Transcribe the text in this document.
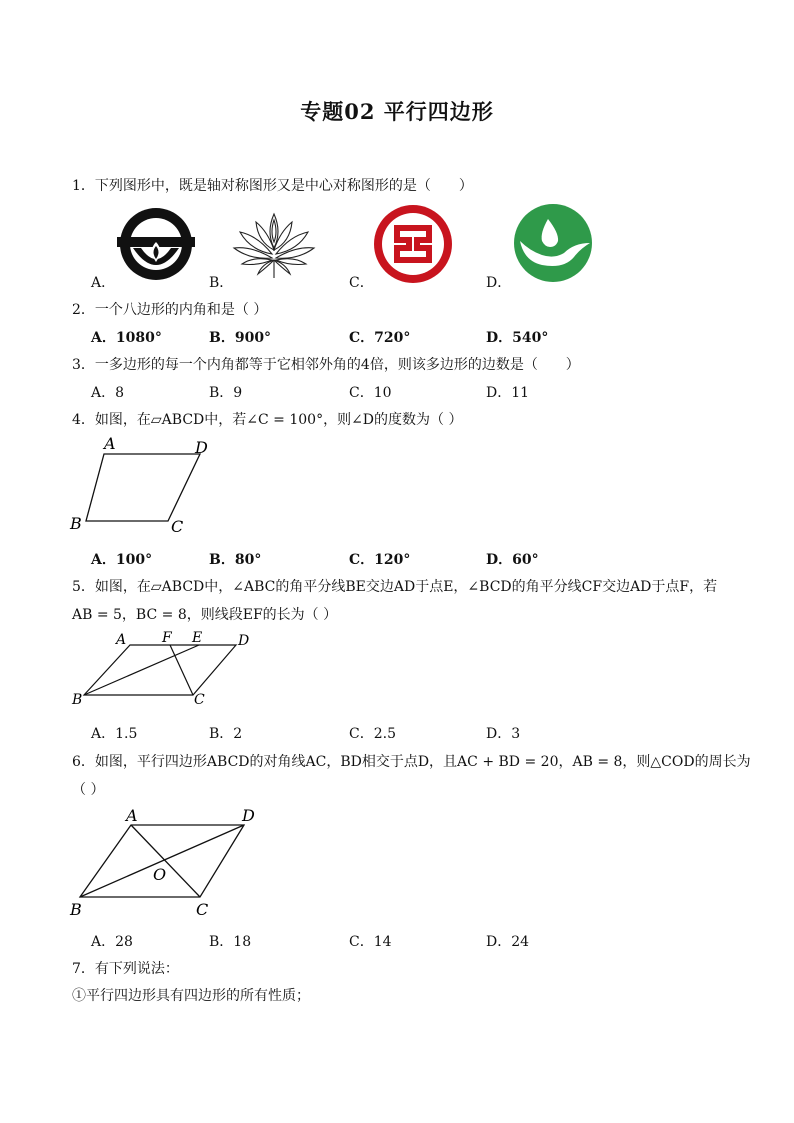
专题02 平行四边形
1．下列图形中，既是轴对称图形又是中心对称图形的是（　　）
A．	B．	C．	D．
2．一个八边形的内角和是（ ）
A．1080°	B．900°	C．720°	D．540°
3．一多边形的每一个内角都等于它相邻外角的4倍，则该多边形的边数是（　　）
A．8	B．9	C．10	D．11
4．如图，在▱ABCD中，若∠C = 100°，则∠D的度数为（ ）
A	D
B	C
A．100°	B．80°	C．120°	D．60°
5．如图，在▱ABCD中，∠ABC的角平分线BE交边AD于点E，∠BCD的角平分线CF交边AD于点F，若
AB = 5，BC = 8，则线段EF的长为（ ）
A	F E	D
B	C
A．1.5	B．2	C．2.5	D．3
6．如图，平行四边形ABCD的对角线AC，BD相交于点D，且AC + BD = 20，AB = 8，则△COD的周长为
（ ）
A	D
O
B	C
A．28	B．18	C．14	D．24
7．有下列说法：
①平行四边形具有四边形的所有性质；
